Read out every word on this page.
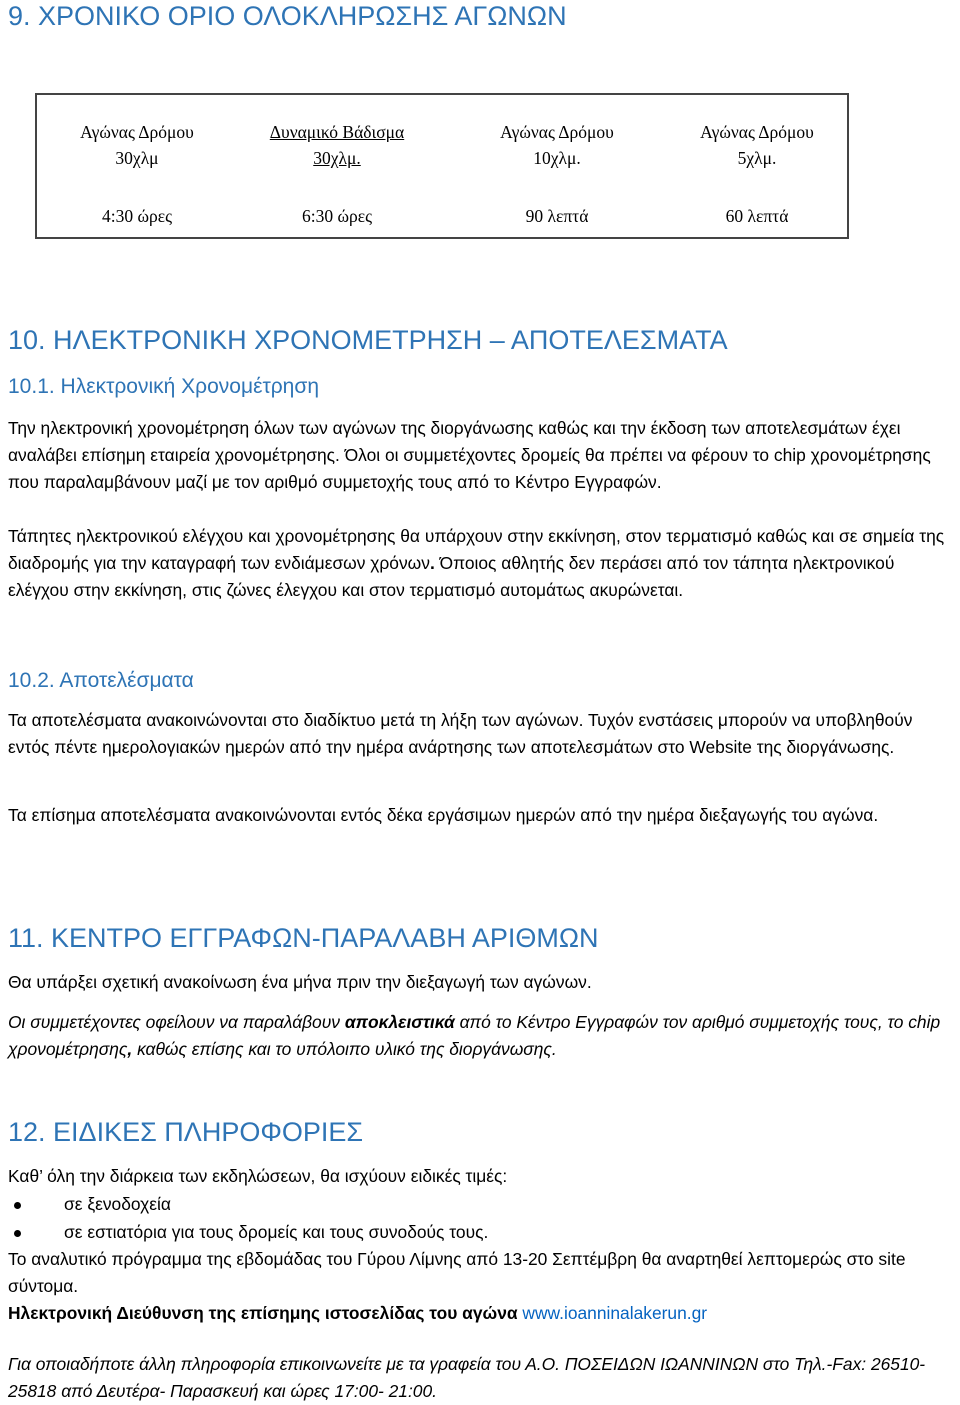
9. ΧΡΟΝΙΚΟ ΟΡΙΟ ΟΛΟΚΛΗΡΩΣΗΣ ΑΓΩΝΩΝ
Αγώνας Δρόμου
30χλμ
4:30 ώρες
Δυναμικό Βάδισμα
30χλμ.
6:30 ώρες
Αγώνας Δρόμου
10χλμ.
90 λεπτά
Αγώνας Δρόμου
5χλμ.
60 λεπτά
10. ΗΛΕΚΤΡΟΝΙΚΗ ΧΡΟΝΟΜΕΤΡΗΣΗ – ΑΠΟΤΕΛΕΣΜΑΤΑ
10.1. Ηλεκτρονική Χρονομέτρηση
Την ηλεκτρονική χρονομέτρηση όλων των αγώνων της διοργάνωσης καθώς και την έκδοση των αποτελεσμάτων έχει αναλάβει επίσημη εταιρεία χρονομέτρησης. Όλοι οι συμμετέχοντες δρομείς θα πρέπει να φέρουν το chip χρονομέτρησης που παραλαμβάνουν μαζί με τον αριθμό συμμετοχής τους από το Κέντρο Εγγραφών.
Τάπητες ηλεκτρονικού ελέγχου και χρονομέτρησης θα υπάρχουν στην εκκίνηση, στον τερματισμό καθώς και σε σημεία της διαδρομής για την καταγραφή των ενδιάμεσων χρόνων. Όποιος αθλητής δεν περάσει από τον τάπητα ηλεκτρονικού ελέγχου στην εκκίνηση, στις ζώνες έλεγχου και στον τερματισμό αυτομάτως ακυρώνεται.
10.2. Αποτελέσματα
Τα αποτελέσματα ανακοινώνονται στο διαδίκτυο μετά τη λήξη των αγώνων. Τυχόν ενστάσεις μπορούν να υποβληθούν εντός πέντε ημερολογιακών ημερών από την ημέρα ανάρτησης των αποτελεσμάτων στο Website της διοργάνωσης.
Τα επίσημα αποτελέσματα ανακοινώνονται εντός δέκα εργάσιμων ημερών από την ημέρα διεξαγωγής του αγώνα.
11. ΚΕΝΤΡΟ ΕΓΓΡΑΦΩΝ-ΠΑΡΑΛΑΒΗ ΑΡΙΘΜΩΝ
Θα υπάρξει σχετική ανακοίνωση ένα μήνα πριν την διεξαγωγή των αγώνων.
Οι συμμετέχοντες οφείλουν να παραλάβουν αποκλειστικά από το Κέντρο Εγγραφών τον αριθμό συμμετοχής τους, το chip χρονομέτρησης, καθώς επίσης και το υπόλοιπο υλικό της διοργάνωσης.
12. ΕΙΔΙΚΕΣ ΠΛΗΡΟΦΟΡΙΕΣ
Καθ’ όλη την διάρκεια των εκδηλώσεων, θα ισχύουν ειδικές τιμές:
σε ξενοδοχεία
σε εστιατόρια για τους δρομείς και τους συνοδούς τους.
Το αναλυτικό πρόγραμμα της εβδομάδας του Γύρου Λίμνης από 13-20 Σεπτέμβρη θα αναρτηθεί λεπτομερώς στο site σύντομα.
Ηλεκτρονική Διεύθυνση της επίσημης ιστοσελίδας του αγώνα www.ioanninalakerun.gr
Για οποιαδήποτε άλλη πληροφορία επικοινωνείτε με τα γραφεία του Α.Ο. ΠΟΣΕΙΔΩΝ ΙΩΑΝΝΙΝΩΝ στο Τηλ.-Fax: 26510-25818 από Δευτέρα- Παρασκευή και ώρες 17:00- 21:00.
